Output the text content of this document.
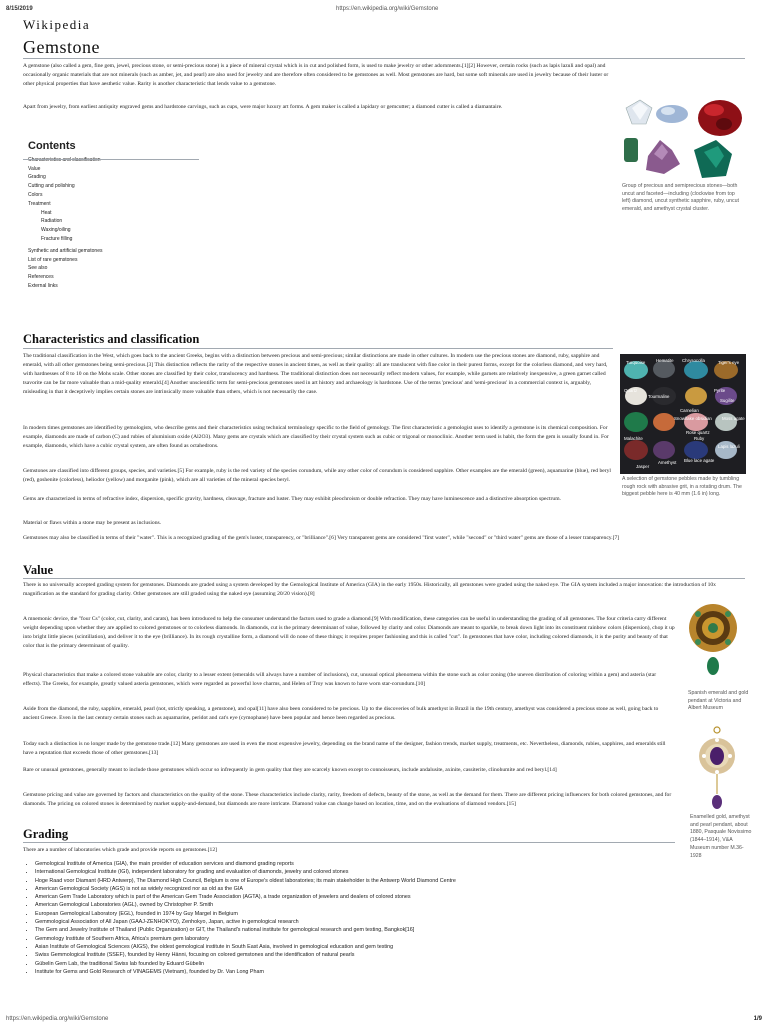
8/15/2019	https://en.wikipedia.org/wiki/Gemstone
Wikipedia
Gemstone

A gemstone (also called a gem, fine gem, jewel, precious stone, or semi-precious stone) is a piece of mineral crystal which is in cut and polished form, is used to make jewelry or other adornments.[1][2] However, certain rocks (such as lapis lazuli and opal) and occasionally organic materials that are not minerals (such as amber, jet, and pearl) are also used for jewelry and are therefore often considered to be gemstones as well. Most gemstones are hard, but some soft minerals are used in jewelry because of their luster or other physical properties that have aesthetic value. Rarity is another characteristic that lends value to a gemstone.

Apart from jewelry, from earliest antiquity engraved gems and hardstone carvings, such as cups, were major luxury art forms. A gem maker is called a lapidary or gemcutter; a diamond cutter is called a diamantaire.

Contents
Value
Grading
Cutting and polishing
Colors
Treatment
Heat
Radiation
Waxing/oiling
Fracture filling
Synthetic and artificial gemstones
List of rare gemstones
See also
References
External links

Group of precious and semiprecious stones—both uncut and faceted—including (clockwise from top left) diamond, uncut synthetic sapphire, ruby, uncut emerald, and amethyst crystal cluster.

Characteristics and classification

The traditional classification in the West, which goes back to the ancient Greeks, begins with a distinction between precious and semi-precious; similar distinctions are made in other cultures. In modern use the precious stones are diamond, ruby, sapphire and emerald, with all other gemstones being semi-precious.[3] This distinction reflects the rarity of the respective stones in ancient times, as well as their quality: all are translucent with fine color in their purest forms, except for the colorless diamond, and very hard, with hardnesses of 8 to 10 on the Mohs scale. Other stones are classified by their color, translucency and hardness. The traditional distinction does not necessarily reflect modern values, for example, while garnets are relatively inexpensive, a green garnet called tsavorite can be far more valuable than a mid-quality emerald.[4] Another unscientific term for semi-precious gemstones used in art history and archaeology is hardstone. Use of the terms 'precious' and 'semi-precious' in a commercial context is, arguably, misleading in that it deceptively implies certain stones are intrinsically more valuable than others, which is not necessarily the case.

In modern times gemstones are identified by gemologists, who describe gems and their characteristics using technical terminology specific to the field of gemology. The first characteristic a gemologist uses to identify a gemstone is its chemical composition. For example, diamonds are made of carbon (C) and rubies of aluminium oxide (Al2O3). Many gems are crystals which are classified by their crystal system such as cubic or trigonal or monoclinic. Another term used is habit, the form the gem is usually found in. For example, diamonds, which have a cubic crystal system, are often found as octahedrons.

Gemstones are classified into different groups, species, and varieties.[5] For example, ruby is the red variety of the species corundum, while any other color of corundum is considered sapphire. Other examples are the emerald (green), aquamarine (blue), red beryl (red), goshenite (colorless), heliodor (yellow) and morganite (pink), which are all varieties of the mineral species beryl.

Gems are characterized in terms of refractive index, dispersion, specific gravity, hardness, cleavage, fracture and luster. They may exhibit pleochroism or double refraction. They may have luminescence and a distinctive absorption spectrum.

Material or flaws within a stone may be present as inclusions.

Gemstones may also be classified in terms of their "water". This is a recognized grading of the gem's luster, transparency, or "brilliance".[6] Very transparent gems are considered "first water", while "second" or "third water" gems are those of a lesser transparency.[7]

Turquoise Hematite Chrysocolla	Tiger's eye
Quartz
Tourmaline
Carnelian
Pyrite
Sugilite
Malachite
Rose quartz
Snowflake obsidian
Ruby
Moss agate
Jasper
Amethyst Blue lace agate
Lapis lazuli

A selection of gemstone pebbles made by tumbling rough rock with abrasive grit, in a rotating drum. The biggest pebble here is 40 mm (1.6 in) long.

Value

There is no universally accepted grading system for gemstones. Diamonds are graded using a system developed by the Gemological Institute of America (GIA) in the early 1950s. Historically, all gemstones were graded using the naked eye. The GIA system included a major innovation: the introduction of 10x magnification as the standard for grading clarity. Other gemstones are still graded using the naked eye (assuming 20/20 vision).[8]

A mnemonic device, the "four Cs" (color, cut, clarity, and carats), has been introduced to help the consumer understand the factors used to grade a diamond.[9] With modification, these categories can be useful in understanding the grading of all gemstones. The four criteria carry different weight depending upon whether they are applied to colored gemstones or to colorless diamonds. In diamonds, cut is the primary determinant of value, followed by clarity and color. Diamonds are meant to sparkle, to break down light into its constituent rainbow colors (dispersion), chop it up into bright little pieces (scintillation), and deliver it to the eye (brilliance). In its rough crystalline form, a diamond will do none of these things; it requires proper fashioning and this is called "cut". In gemstones that have color, including colored diamonds, it is the purity and beauty of that color that is the primary determinant of quality.

Physical characteristics that make a colored stone valuable are color, clarity to a lesser extent (emeralds will always have a number of inclusions), cut, unusual optical phenomena within the stone such as color zoning (the uneven distribution of coloring within a gem) and asteria (star effects). The Greeks, for example, greatly valued asteria gemstones, which were regarded as powerful love charms, and Helen of Troy was known to have worn star-corundum.[10]

Aside from the diamond, the ruby, sapphire, emerald, pearl (not, strictly speaking, a gemstone), and opal[11] have also been considered to be precious. Up to the discoveries of bulk amethyst in Brazil in the 19th century, amethyst was considered a precious stone as well, going back to ancient Greece. Even in the last century certain stones such as aquamarine, peridot and cat's eye (cymophane) have been popular and hence been regarded as precious.

Today such a distinction is no longer made by the gemstone trade.[12] Many gemstones are used in even the most expensive jewelry, depending on the brand name of the designer, fashion trends, market supply, treatments, etc. Nevertheless, diamonds, rubies, sapphires, and emeralds still have a reputation that exceeds those of other gemstones.[13]

Rare or unusual gemstones, generally meant to include those gemstones which occur so infrequently in gem quality that they are scarcely known except to connoisseurs, include andalusite, axinite, cassiterite, clinohumite and red beryl.[14]

Gemstone pricing and value are governed by factors and characteristics on the quality of the stone. These characteristics include clarity, rarity, freedom of defects, beauty of the stone, as well as the demand for them. There are different pricing influencers for both colored gemstones, and for diamonds. The pricing on colored stones is determined by market supply-and-demand, but diamonds are more intricate. Diamond value can change based on location, time, and on the evaluations of diamond vendors.[15]

Spanish emerald and gold pendant at Victoria and Albert Museum

Enamelled gold, amethyst and pearl pendant, about 1880, Pasquale Novissimo (1844–1914), V&A Museum number M.36-1928

Grading

There are a number of laboratories which grade and provide reports on gemstones.[12]

• Gemological Institute of America (GIA), the main provider of education services and diamond grading reports
• International Gemological Institute (IGI), independent laboratory for grading and evaluation of diamonds, jewelry and colored stones
• Hoge Raad voor Diamant (HRD Antwerp), The Diamond High Council, Belgium is one of Europe's oldest laboratories; its main stakeholder is the Antwerp World Diamond Centre
• American Gemological Society (AGS) is not as widely recognized nor as old as the GIA
• American Gem Trade Laboratory which is part of the American Gem Trade Association (AGTA), a trade organization of jewelers and dealers of colored stones
• American Gemological Laboratories (AGL), owned by Christopher P. Smith
• European Gemological Laboratory (EGL), founded in 1974 by Guy Margel in Belgium
• Gemmological Association of All Japan (GAAJ-ZENHOKYO), Zenhokyo, Japan, active in gemological research
• The Gem and Jewelry Institute of Thailand (Public Organization) or GIT, the Thailand's national institute for gemological research and gem testing, Bangkok[16]
• Gemmology Institute of Southern Africa, Africa's premium gem laboratory
• Asian Institute of Gemological Sciences (AIGS), the oldest gemological institute in South East Asia, involved in gemological education and gem testing
• Swiss Gemmological Institute (SSEF), founded by Henry Hänni, focusing on colored gemstones and the identification of natural pearls
• Gübelin Gem Lab, the traditional Swiss lab founded by Eduard Gübelin
• Institute for Gems and Gold Research of VINAGEMS (Vietnam), founded by Dr. Van Long Pham
https://en.wikipedia.org/wiki/Gemstone	1/9
